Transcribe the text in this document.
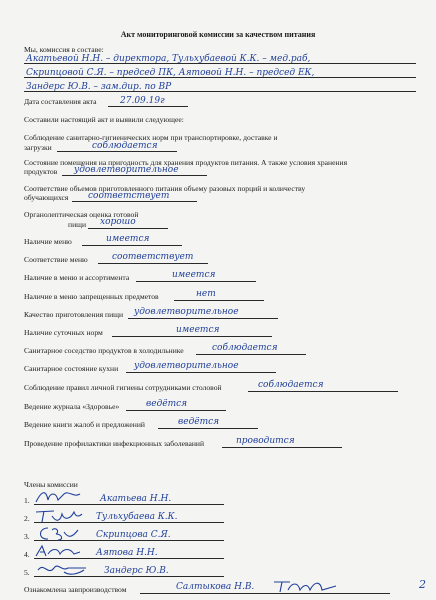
Акт мониторинговой комиссии за качеством питания
Мы, комиссия в составе:
Акатьевой Н.Н. – директора, Тульхубаевой К.К. – мед.раб,
Скрипцовой С.Я. – председ ПК, Аятовой Н.Н. – председ ЕК,
Зандерс Ю.В. – зам.дир. по ВР
Дата составления акта	27.09.19г
Составили настоящий акт и выявили следующее:
Соблюдение санитарно-гигиенических норм при транспортировке, доставке и
загрузки	соблюдается
Состояние помещения на пригодность для хранения продуктов питания. А также условия хранения
продуктов удовлетворительное
Соответствие объемов приготовленного питания объему разовых порций и количеству
обучающихся соответствует
Органолептическая оценка готовой
пищи хорошо
Наличие меню	имеется
Соответствие меню	соответствует
Наличие в меню и ассортимента	имеется
Наличие в меню запрещенных предметов	нет
Качество приготовления пищи удовлетворительное
Наличие суточных норм	имеется
Санитарное соседство продуктов в холодильнике	соблюдается
Санитарное состояние кухни удовлетворительное
Соблюдение правил личной гигиены сотрудниками столовой	соблюдается
Ведение журнала «Здоровье»	ведётся
Ведение книги жалоб и предложений	ведётся
Проведение профилактики инфекционных заболеваний	проводится
Члены комиссии
1.	Акатьева Н.Н.
2.	Тульхубаева К.К.
3.	Скрипцова С.Я.
4.	Аятова Н.Н.
5.	Зандерс Ю.В.
Ознакомлена завпроизводством	Салтыкова Н.В.	2
